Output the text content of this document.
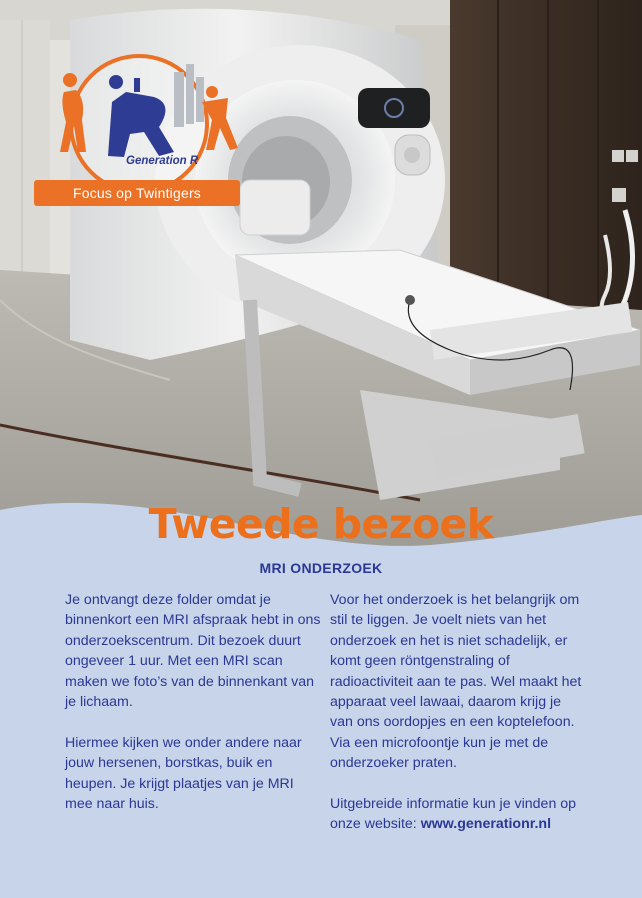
Generation R
Focus op Twintigers
Tweede bezoek
MRI ONDERZOEK

Je ontvangt deze folder omdat je binnenkort een MRI afspraak hebt in ons onderzoekscentrum. Dit bezoek duurt ongeveer 1 uur. Met een MRI scan maken we foto’s van de binnenkant van je lichaam.

Hiermee kijken we onder andere naar jouw hersenen, borstkas, buik en heupen. Je krijgt plaatjes van je MRI mee naar huis.

Voor het onderzoek is het belangrijk om stil te liggen. Je voelt niets van het onderzoek en het is niet schadelijk, er komt geen röntgenstraling of radioactiviteit aan te pas. Wel maakt het apparaat veel lawaai, daarom krijg je van ons oordopjes en een koptelefoon. Via een microfoontje kun je met de onderzoeker praten.

Uitgebreide informatie kun je vinden op onze website: www.generationr.nl
